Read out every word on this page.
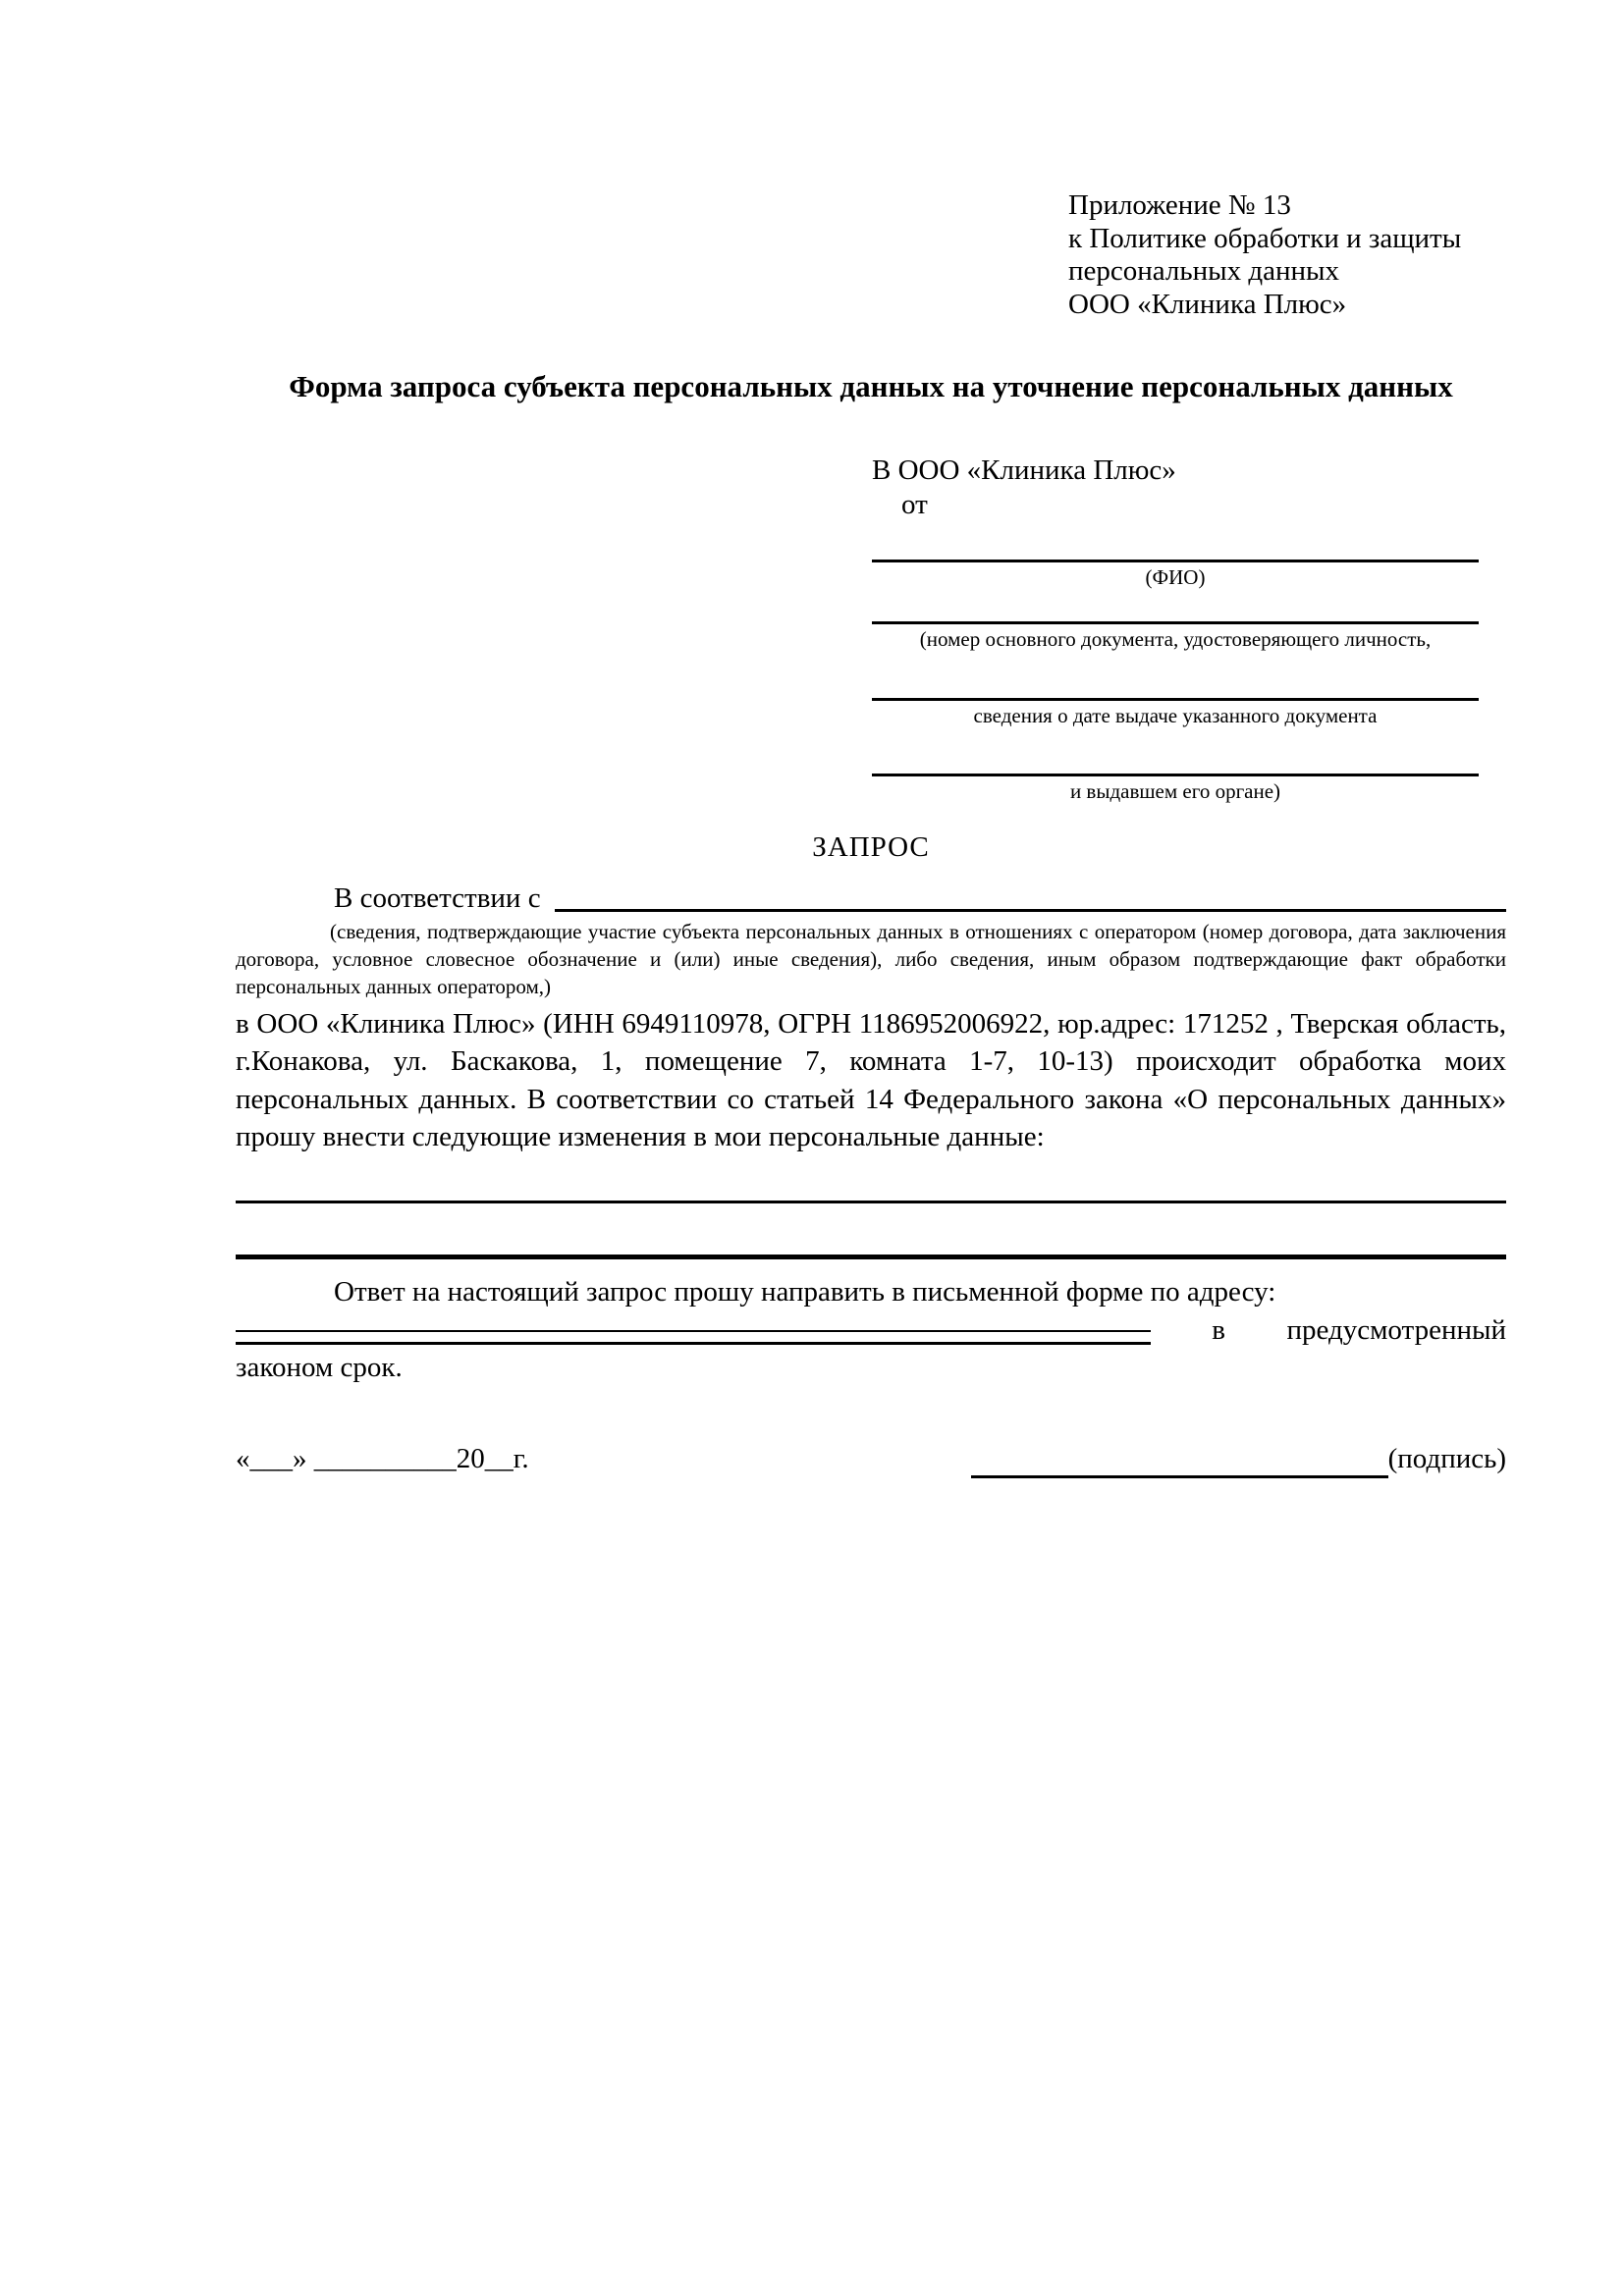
Приложение № 13
к Политике обработки и защиты
персональных данных
ООО «Клиника Плюс»
Форма запроса субъекта персональных данных на уточнение персональных данных
В ООО «Клиника Плюс»
от
(ФИО)
(номер основного документа, удостоверяющего личность,
сведения о дате выдаче указанного документа
и выдавшем его органе)
ЗАПРОС
В соответствии с

(сведения, подтверждающие участие субъекта персональных данных в отношениях с оператором (номер договора, дата заключения договора, условное словесное обозначение и (или) иные сведения), либо сведения, иным образом подтверждающие факт обработки персональных данных оператором,)

в ООО «Клиника Плюс» (ИНН 6949110978, ОГРН 1186952006922, юр.адрес: 171252 , Тверская область, г.Конакова, ул. Баскакова, 1, помещение 7, комната 1-7, 10-13) происходит обработка моих персональных данных. В соответствии со статьей 14 Федерального закона «О персональных данных» прошу внести следующие изменения в мои персональные данные:

Ответ на настоящий запрос прошу направить в письменной форме по адресу:

в предусмотренный
законом срок.
«___» __________20__г.	(подпись)
